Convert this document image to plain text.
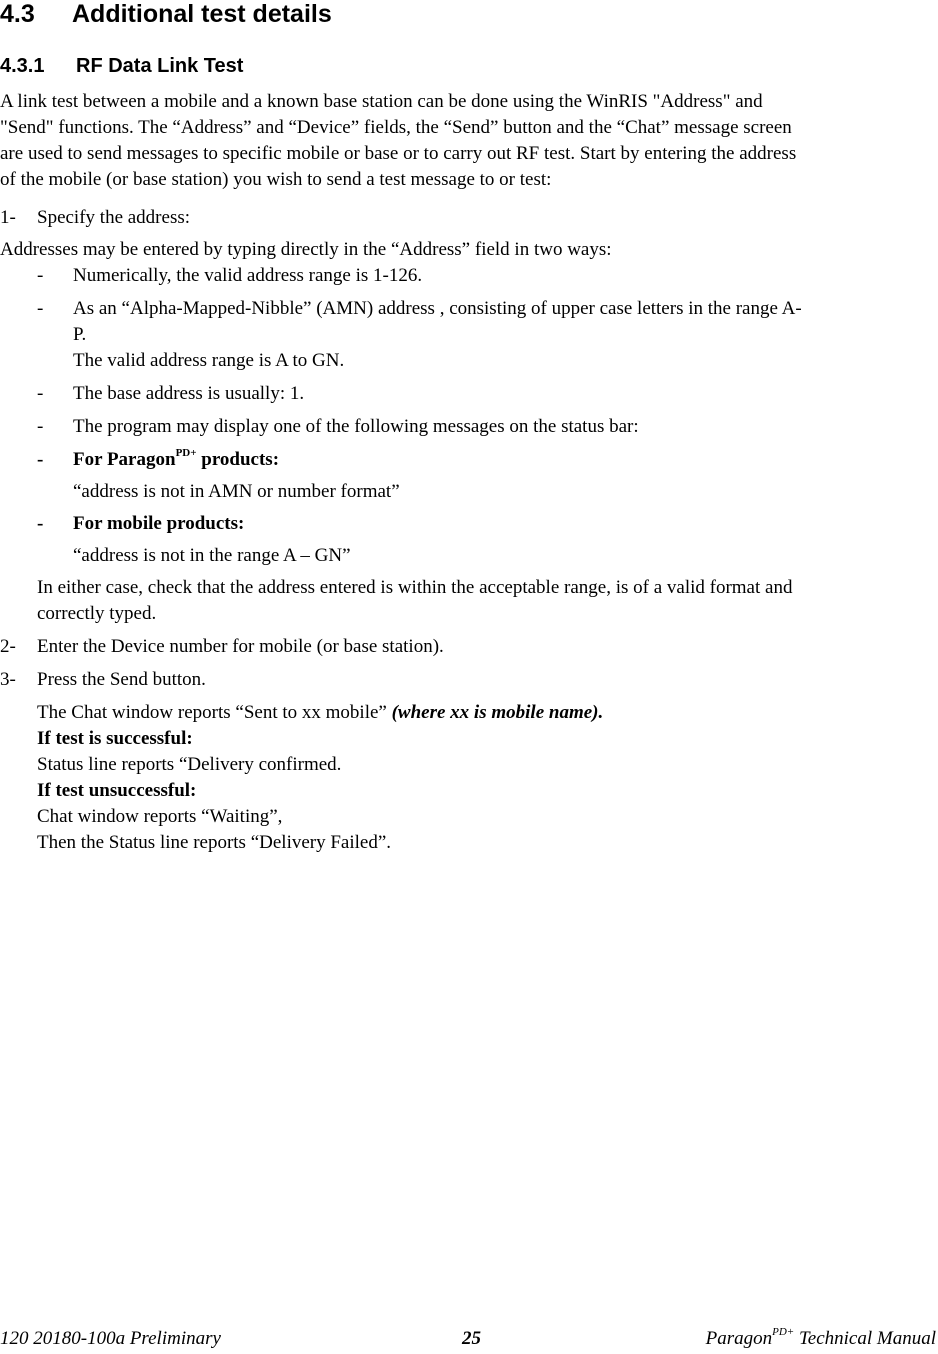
4.3 Additional test details
4.3.1 RF Data Link Test
A link test between a mobile and a known base station can be done using the WinRIS "Address" and
"Send" functions. The “Address” and “Device” fields, the “Send” button and the “Chat” message screen
are used to send messages to specific mobile or base or to carry out RF test. Start by entering the address
of the mobile (or base station) you wish to send a test message to or test:
1- Specify the address:
Addresses may be entered by typing directly in the “Address” field in two ways:
- Numerically, the valid address range is 1-126.
- As an “Alpha-Mapped-Nibble” (AMN) address , consisting of upper case letters in the range A-
P.
The valid address range is A to GN.
- The base address is usually: 1.
- The program may display one of the following messages on the status bar:
- For Paragon$^{PD+}$ products:
“address is not in AMN or number format”
- For mobile products:
“address is not in the range A – GN”
In either case, check that the address entered is within the acceptable range, is of a valid format and
correctly typed.
2- Enter the Device number for mobile (or base station).
3- Press the Send button.
The Chat window reports “Sent to xx mobile” (where xx is mobile name).
If test is successful:
Status line reports “Delivery confirmed.
If test unsuccessful:
Chat window reports “Waiting”,
Then the Status line reports “Delivery Failed”.
120 20180-100a Preliminary	25	Paragon$^{PD+}$ Technical Manual
